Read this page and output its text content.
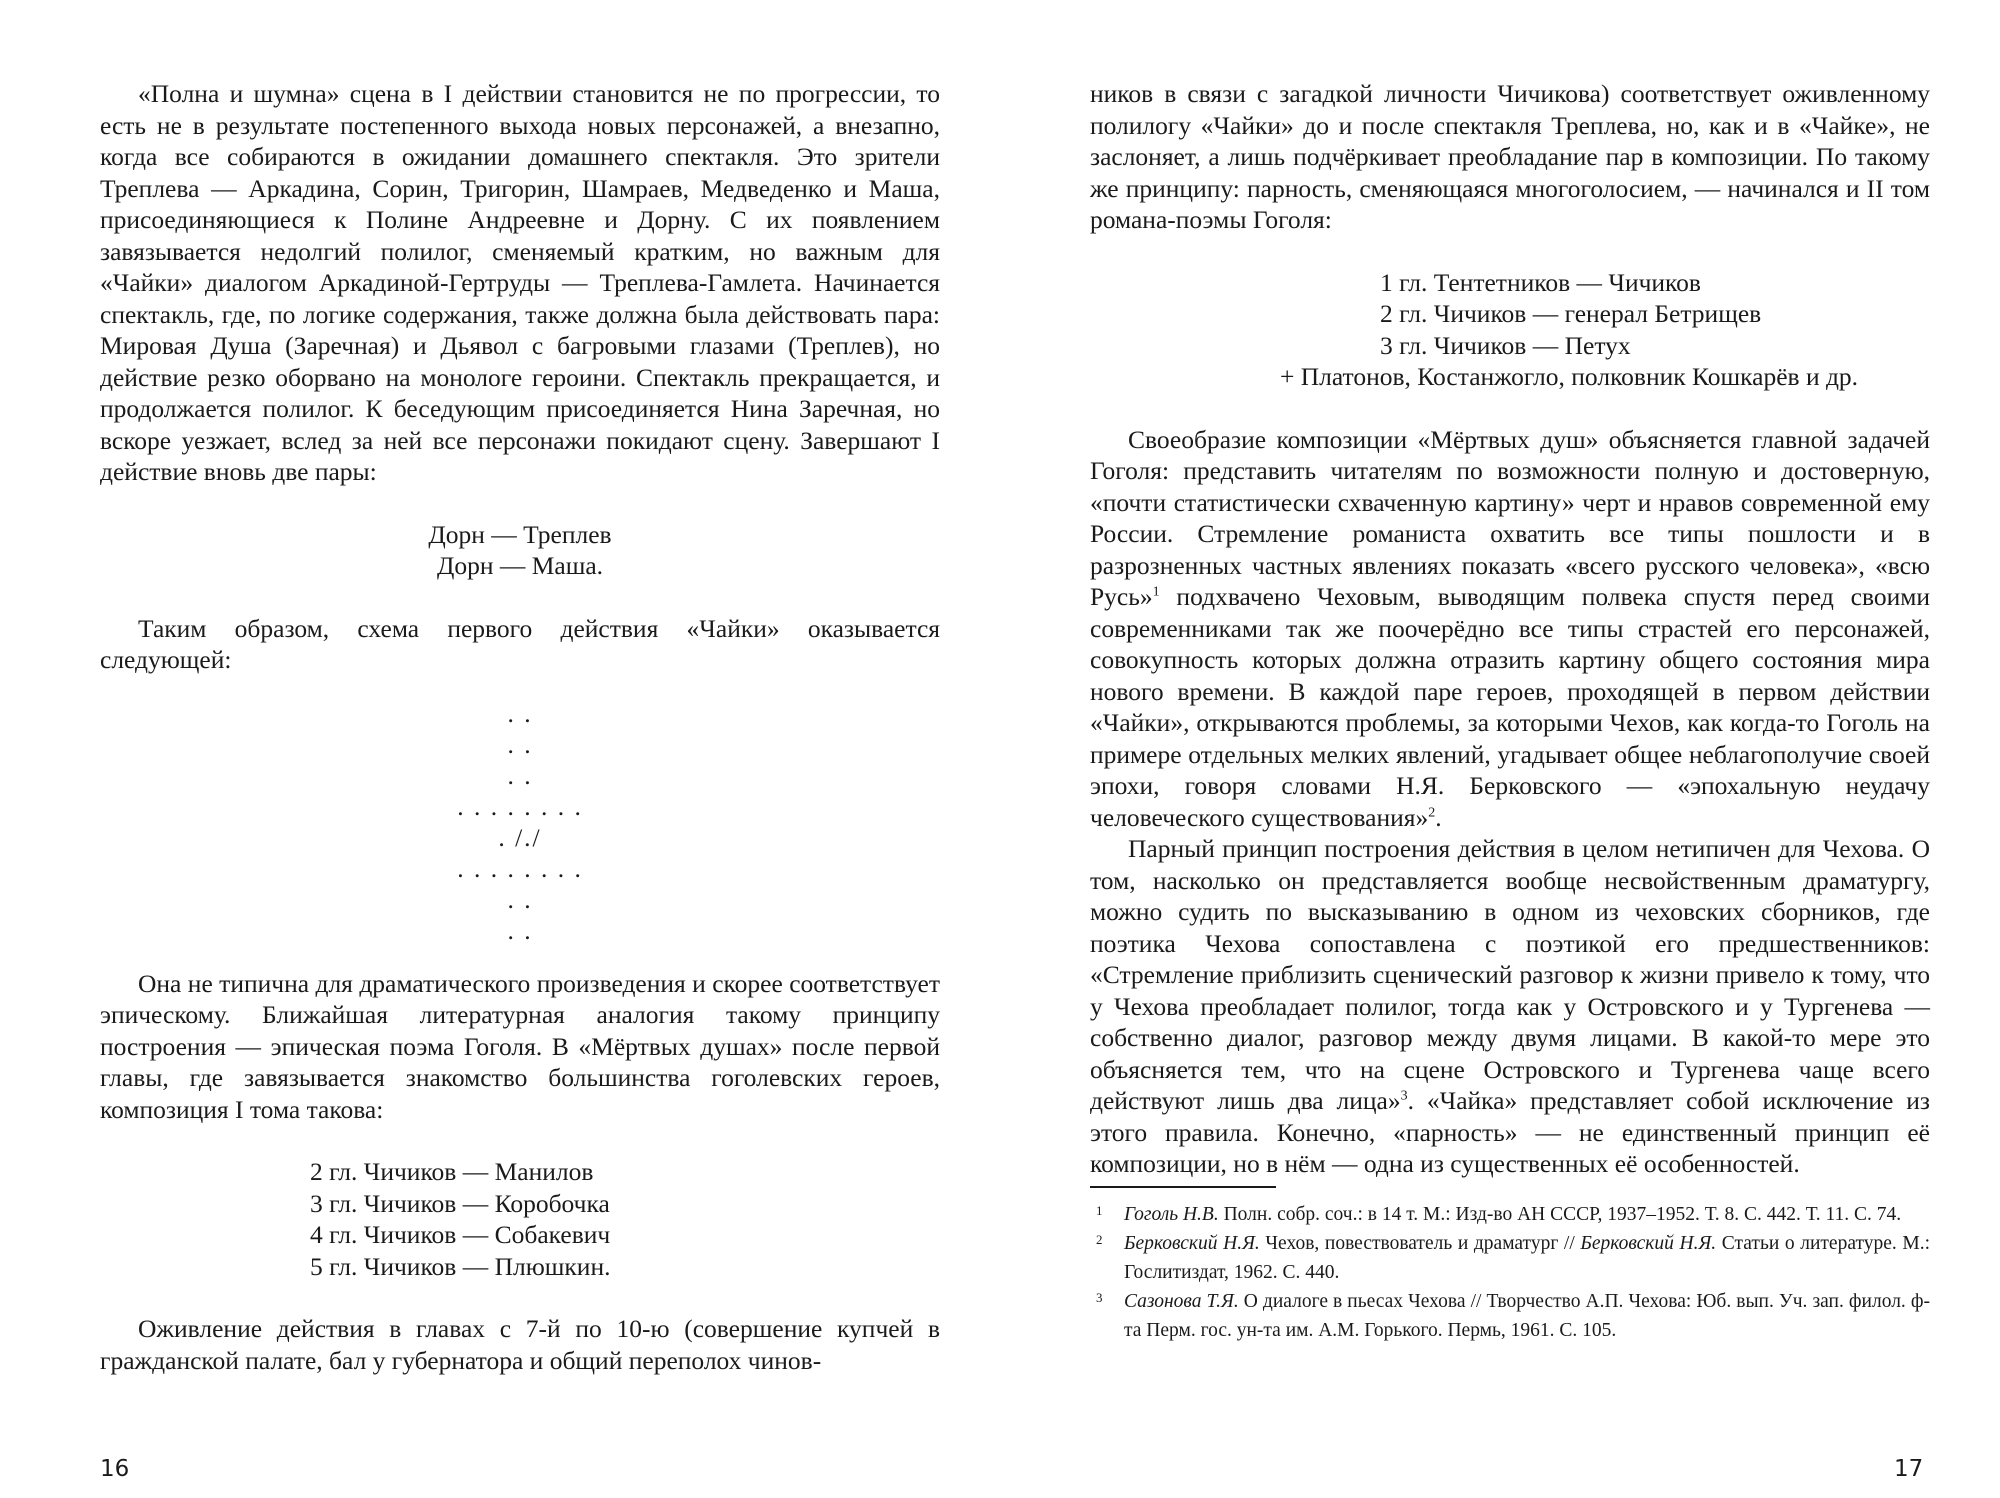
«Полна и шумна» сцена в I действии становится не по прогрессии, то есть не в результате постепенного выхода новых персонажей, а внезапно, когда все собираются в ожидании домашнего спектакля. Это зрители Треплева — Аркадина, Сорин, Тригорин, Шамраев, Медведенко и Маша, присоединяющиеся к Полине Андреевне и Дорну. С их появлением завязывается недолгий полилог, сменяемый кратким, но важным для «Чайки» диалогом Аркадиной-Гертруды — Треплева-Гамлета. Начинается спектакль, где, по логике содержания, также должна была действовать пара: Мировая Душа (Заречная) и Дьявол с багровыми глазами (Треплев), но действие резко оборвано на монологе героини. Спектакль прекращается, и продолжается полилог. К беседующим присоединяется Нина Заречная, но вскоре уезжает, вслед за ней все персонажи покидают сцену. Завершают I действие вновь две пары:

Дорн — Треплев
Дорн — Маша.

Таким образом, схема первого действия «Чайки» оказывается следующей:

. .
. .
. .
. . . . . . . .
. /./
. . . . . . . .
. .
. .

Она не типична для драматического произведения и скорее соответствует эпическому. Ближайшая литературная аналогия такому принципу построения — эпическая поэма Гоголя. В «Мёртвых душах» после первой главы, где завязывается знакомство большинства гоголевских героев, композиция I тома такова:

2 гл. Чичиков — Манилов
3 гл. Чичиков — Коробочка
4 гл. Чичиков — Собакевич
5 гл. Чичиков — Плюшкин.

Оживление действия в главах с 7-й по 10-ю (совершение купчей в гражданской палате, бал у губернатора и общий переполох чинов-

ников в связи с загадкой личности Чичикова) соответствует оживленному полилогу «Чайки» до и после спектакля Треплева, но, как и в «Чайке», не заслоняет, а лишь подчёркивает преобладание пар в композиции. По такому же принципу: парность, сменяющаяся многоголосием, — начинался и II том романа-поэмы Гоголя:

1 гл. Тентетников — Чичиков
2 гл. Чичиков — генерал Бетрищев
3 гл. Чичиков — Петух
+ Платонов, Костанжогло, полковник Кошкарёв и др.

Своеобразие композиции «Мёртвых душ» объясняется главной задачей Гоголя: представить читателям по возможности полную и достоверную, «почти статистически схваченную картину» черт и нравов современной ему России. Стремление романиста охватить все типы пошлости и в разрозненных частных явлениях показать «всего русского человека», «всю Русь»$^1$ подхвачено Чеховым, выводящим полвека спустя перед своими современниками так же поочерёдно все типы страстей его персонажей, совокупность которых должна отразить картину общего состояния мира нового времени. В каждой паре героев, проходящей в первом действии «Чайки», открываются проблемы, за которыми Чехов, как когда-то Гоголь на примере отдельных мелких явлений, угадывает общее неблагополучие своей эпохи, говоря словами Н.Я. Берковского — «эпохальную неудачу человеческого существования»$^2$.

Парный принцип построения действия в целом нетипичен для Чехова. О том, насколько он представляется вообще несвойственным драматургу, можно судить по высказыванию в одном из чеховских сборников, где поэтика Чехова сопоставлена с поэтикой его предшественников: «Стремление приблизить сценический разговор к жизни привело к тому, что у Чехова преобладает полилог, тогда как у Островского и у Тургенева — собственно диалог, разговор между двумя лицами. В какой-то мере это объясняется тем, что на сцене Островского и Тургенева чаще всего действуют лишь два лица»$^3$. «Чайка» представляет собой исключение из этого правила. Конечно, «парность» — не единственный принцип её композиции, но в нём — одна из существенных её особенностей.

1	Гоголь Н.В. Полн. собр. соч.: в 14 т. М.: Изд-во АН СССР, 1937–1952. Т. 8. С. 442. Т. 11. С. 74.
2	Берковский Н.Я. Чехов, повествователь и драматург // Берковский Н.Я. Статьи о литературе. М.: Гослитиздат, 1962. С. 440.
3	Сазонова Т.Я. О диалоге в пьесах Чехова // Творчество А.П. Чехова: Юб. вып. Уч. зап. филол. ф-та Перм. гос. ун-та им. А.М. Горького. Пермь, 1961. С. 105.
16	17
